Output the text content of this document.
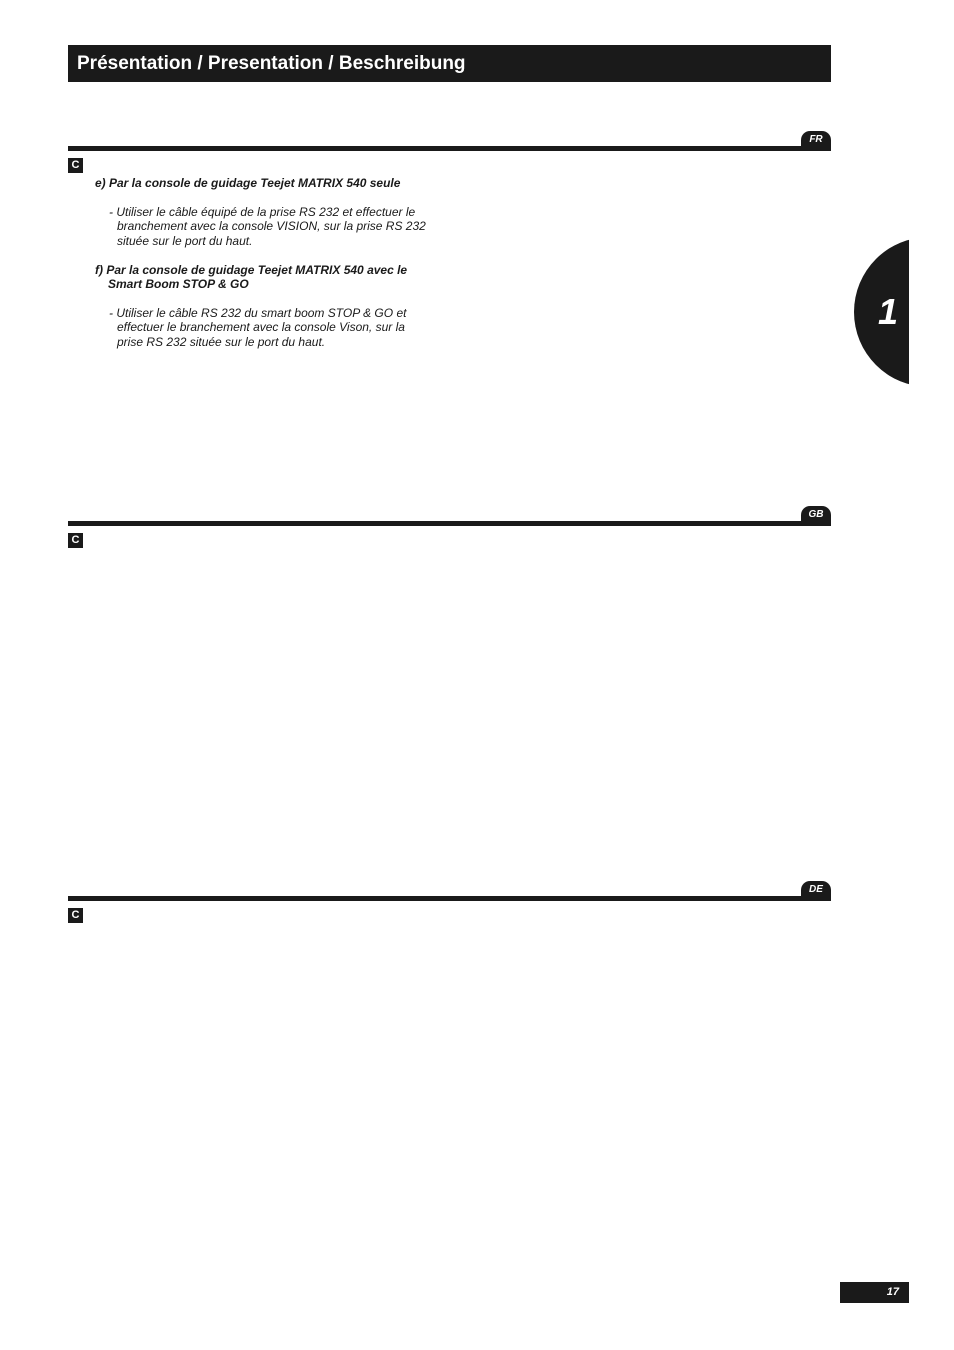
Présentation / Presentation / Beschreibung
FR
C
e) Par la console de guidage Teejet MATRIX 540 seule
- Utiliser le câble équipé de la prise RS 232 et effectuer le
branchement avec la console VISION, sur la prise RS 232
située sur le port du haut.
f) Par la console de guidage Teejet MATRIX 540 avec le
Smart Boom STOP & GO
- Utiliser le câble RS 232 du smart boom STOP & GO et
effectuer le branchement avec la console Vison, sur la
prise RS 232 située sur le port du haut.
GB
C
DE
C
1
17
